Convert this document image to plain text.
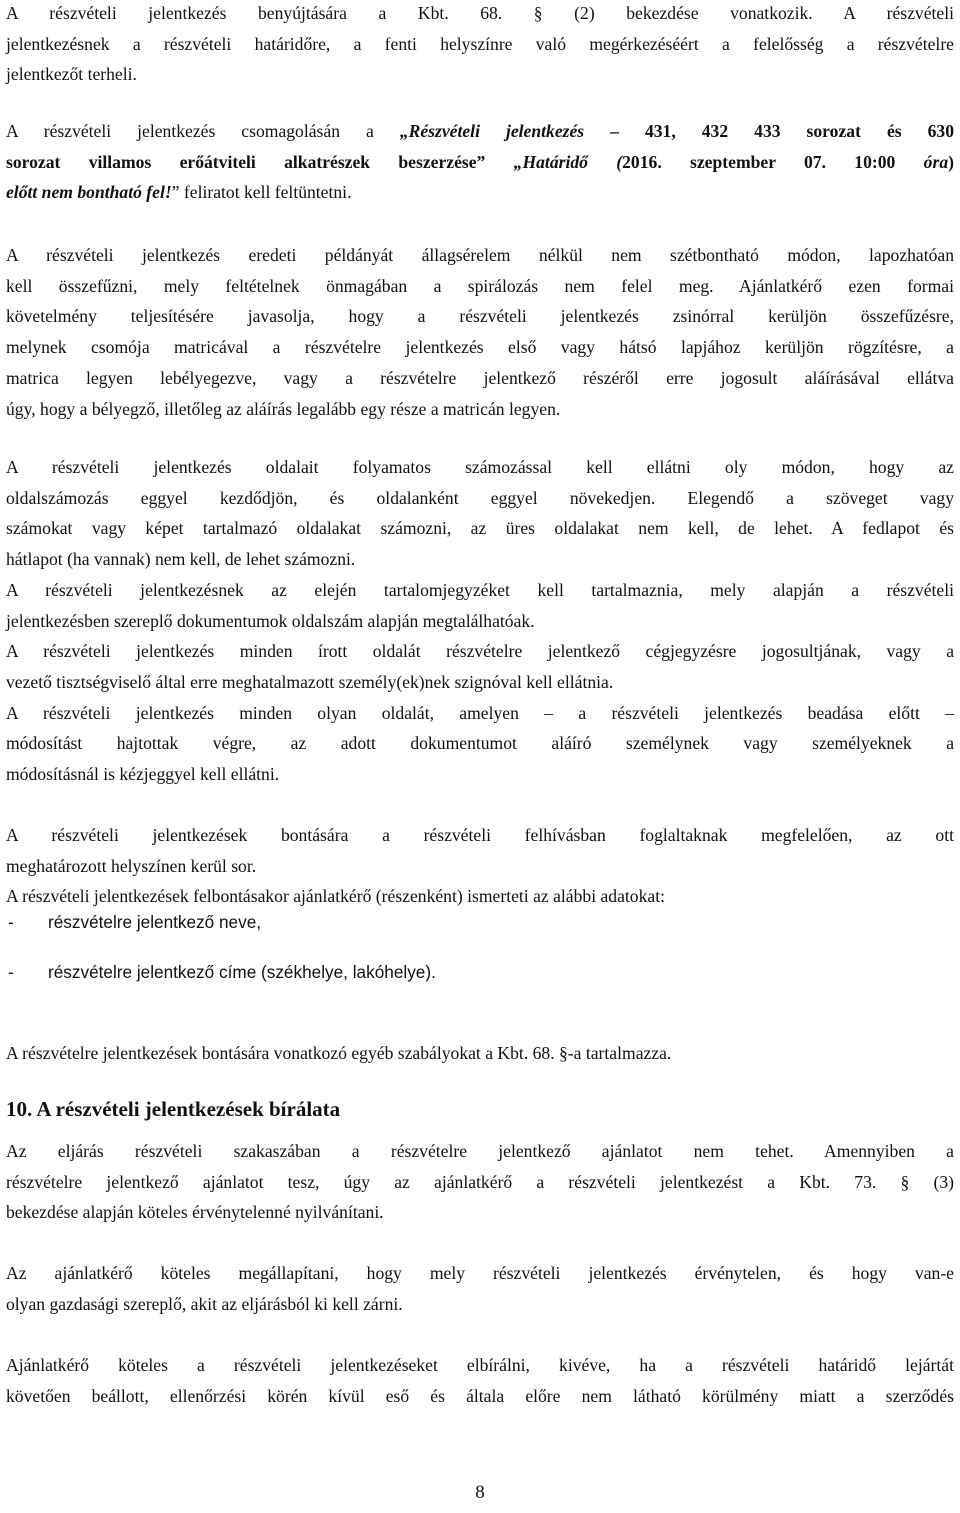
A részvételi jelentkezés benyújtására a Kbt. 68. § (2) bekezdése vonatkozik. A részvételi
jelentkezésnek a részvételi határidőre, a fenti helyszínre való megérkezéséért a felelősség a részvételre
jelentkezőt terheli.
A részvételi jelentkezés csomagolásán a „Részvételi jelentkezés – 431, 432 433 sorozat és 630
sorozat villamos erőátviteli alkatrészek beszerzése” „Határidő (2016. szeptember 07. 10:00 óra)
előtt nem bontható fel!” feliratot kell feltüntetni.
A részvételi jelentkezés eredeti példányát állagsérelem nélkül nem szétbontható módon, lapozhatóan
kell összefűzni, mely feltételnek önmagában a spirálozás nem felel meg. Ajánlatkérő ezen formai
követelmény teljesítésére javasolja, hogy a részvételi jelentkezés zsinórral kerüljön összefűzésre,
melynek csomója matricával a részvételre jelentkezés első vagy hátsó lapjához kerüljön rögzítésre, a
matrica legyen lebélyegezve, vagy a részvételre jelentkező részéről erre jogosult aláírásával ellátva
úgy, hogy a bélyegző, illetőleg az aláírás legalább egy része a matricán legyen.
A részvételi jelentkezés oldalait folyamatos számozással kell ellátni oly módon, hogy az
oldalszámozás eggyel kezdődjön, és oldalanként eggyel növekedjen. Elegendő a szöveget vagy
számokat vagy képet tartalmazó oldalakat számozni, az üres oldalakat nem kell, de lehet. A fedlapot és
hátlapot (ha vannak) nem kell, de lehet számozni.
A részvételi jelentkezésnek az elején tartalomjegyzéket kell tartalmaznia, mely alapján a részvételi
jelentkezésben szereplő dokumentumok oldalszám alapján megtalálhatóak.
A részvételi jelentkezés minden írott oldalát részvételre jelentkező cégjegyzésre jogosultjának, vagy a
vezető tisztségviselő által erre meghatalmazott személy(ek)nek szignóval kell ellátnia.
A részvételi jelentkezés minden olyan oldalát, amelyen – a részvételi jelentkezés beadása előtt –
módosítást hajtottak végre, az adott dokumentumot aláíró személynek vagy személyeknek a
módosításnál is kézjeggyel kell ellátni.
A részvételi jelentkezések bontására a részvételi felhívásban foglaltaknak megfelelően, az ott
meghatározott helyszínen kerül sor.
A részvételi jelentkezések felbontásakor ajánlatkérő (részenként) ismerteti az alábbi adatokat:
- részvételre jelentkező neve,
- részvételre jelentkező címe (székhelye, lakóhelye).
A részvételre jelentkezések bontására vonatkozó egyéb szabályokat a Kbt. 68. §-a tartalmazza.
10. A részvételi jelentkezések bírálata
Az eljárás részvételi szakaszában a részvételre jelentkező ajánlatot nem tehet. Amennyiben a
részvételre jelentkező ajánlatot tesz, úgy az ajánlatkérő a részvételi jelentkezést a Kbt. 73. § (3)
bekezdése alapján köteles érvénytelenné nyilvánítani.
Az ajánlatkérő köteles megállapítani, hogy mely részvételi jelentkezés érvénytelen, és hogy van-e
olyan gazdasági szereplő, akit az eljárásból ki kell zárni.
Ajánlatkérő köteles a részvételi jelentkezéseket elbírálni, kivéve, ha a részvételi határidő lejártát
követően beállott, ellenőrzési körén kívül eső és általa előre nem látható körülmény miatt a szerződés
8
